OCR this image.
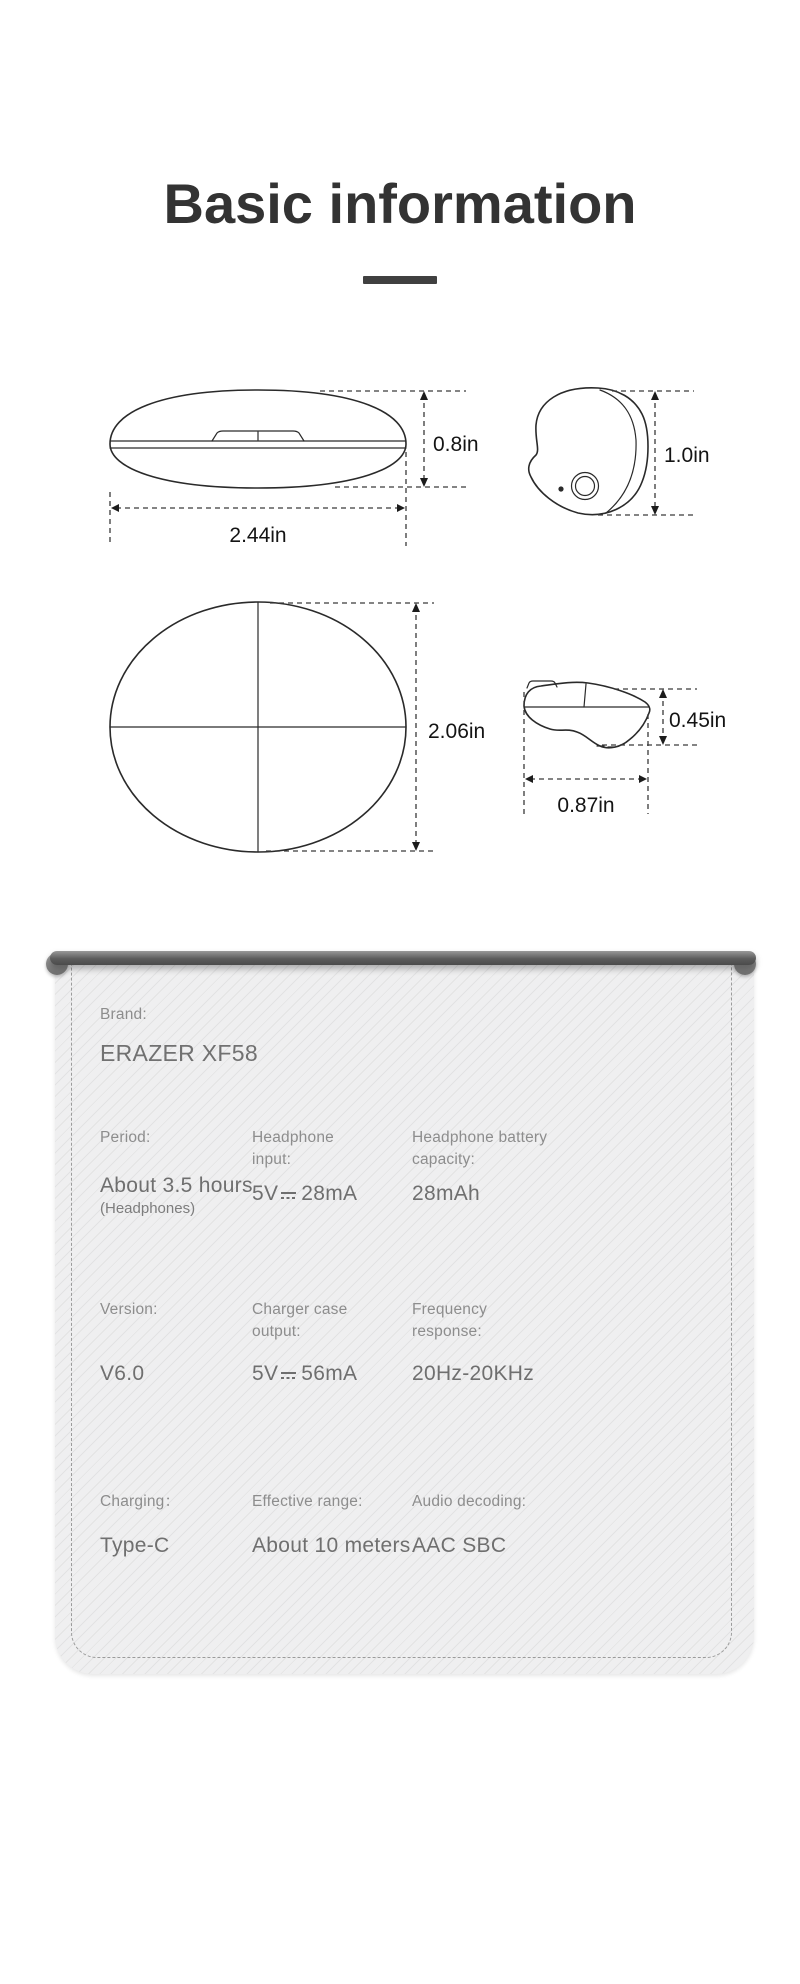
Basic information
0.8in
2.44in
1.0in
2.06in	0.45in
0.87in

Brand:

ERAZER XF58

Period:

About 3.5 hours

(Headphones)

Headphone input:

5V 28mA

Headphone battery capacity:

28mAh

Version:

V6.0

Charger case output:

5V 56mA

Frequency response:

20Hz-20KHz

Charging：

Type-C

Effective range:

About 10 meters

Audio decoding:

AAC SBC
